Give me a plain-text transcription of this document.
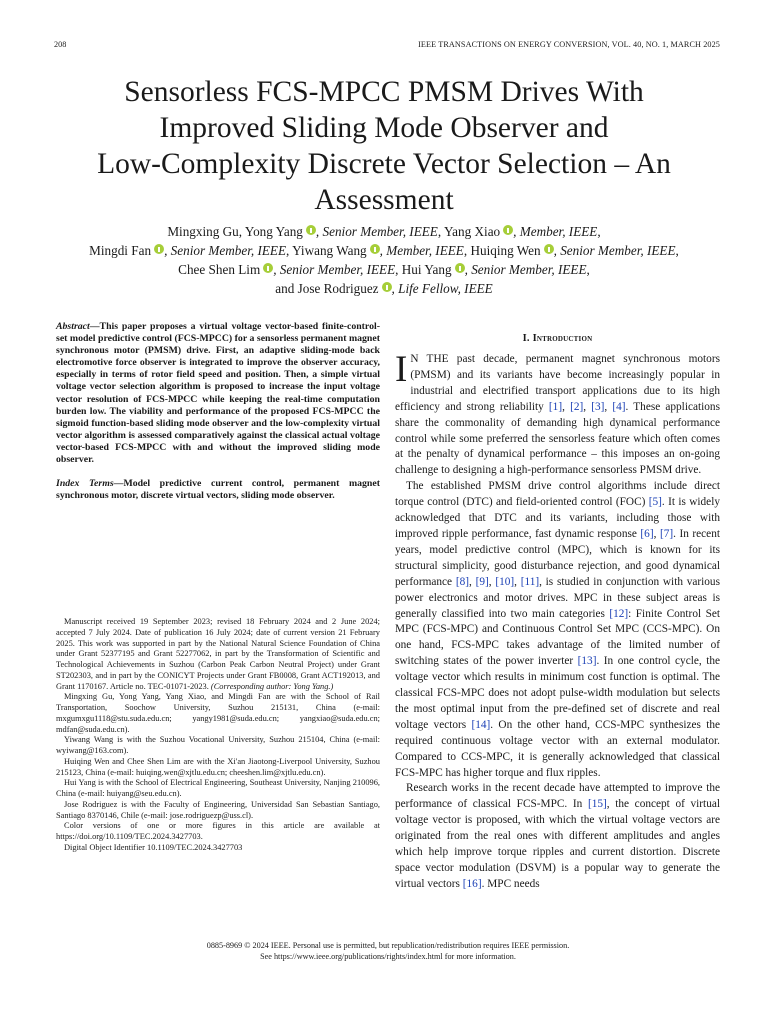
208	IEEE TRANSACTIONS ON ENERGY CONVERSION, VOL. 40, NO. 1, MARCH 2025
Sensorless FCS-MPCC PMSM Drives With
Improved Sliding Mode Observer and
Low-Complexity Discrete Vector Selection – An
Assessment
Mingxing Gu, Yong Yang , Senior Member, IEEE, Yang Xiao , Member, IEEE,
Mingdi Fan , Senior Member, IEEE, Yiwang Wang , Member, IEEE, Huiqing Wen , Senior Member, IEEE,
Chee Shen Lim , Senior Member, IEEE, Hui Yang , Senior Member, IEEE,
and Jose Rodriguez , Life Fellow, IEEE

Abstract—This paper proposes a virtual voltage vector-based finite-control-set model predictive control (FCS-MPCC) for a sensorless permanent magnet synchronous motor (PMSM) drive. First, an adaptive sliding-mode back electromotive force observer is integrated to improve the observer accuracy, especially in terms of rotor field speed and position. Then, a simple virtual voltage vector selection algorithm is proposed to increase the input voltage vector resolution of FCS-MPCC while keeping the real-time computation burden low. The viability and performance of the proposed FCS-MPCC the sigmoid function-based sliding mode observer and the low-complexity virtual vector algorithm is assessed comparatively against the classical actual voltage vector-based FCS-MPCC with and without the improved sliding mode observer.

Index Terms—Model predictive current control, permanent magnet synchronous motor, discrete virtual vectors, sliding mode observer.

Manuscript received 19 September 2023; revised 18 February 2024 and 2 June 2024; accepted 7 July 2024. Date of publication 16 July 2024; date of current version 21 February 2025. This work was supported in part by the National Natural Science Foundation of China under Grant 52377195 and Grant 52277062, in part by the Transformation of Scientific and Technological Achievements in Suzhou (Carbon Peak Carbon Neutral Project) under Grant ST202303, and in part by the CONICYT Projects under Grant FB0008, Grant ACT192013, and Grant 1170167. Article no. TEC-01071-2023. (Corresponding author: Yong Yang.)

Mingxing Gu, Yong Yang, Yang Xiao, and Mingdi Fan are with the School of Rail Transportation, Soochow University, Suzhou 215131, China (e-mail: mxgumxgu1118@stu.suda.edu.cn; yangy1981@suda.edu.cn; yangxiao@suda.edu.cn; mdfan@suda.edu.cn).

Yiwang Wang is with the Suzhou Vocational University, Suzhou 215104, China (e-mail: wyiwang@163.com).

Huiqing Wen and Chee Shen Lim are with the Xi'an Jiaotong-Liverpool University, Suzhou 215123, China (e-mail: huiqing.wen@xjtlu.edu.cn; cheeshen.lim@xjtlu.edu.cn).

Hui Yang is with the School of Electrical Engineering, Southeast University, Nanjing 210096, China (e-mail: huiyang@seu.edu.cn).

Jose Rodriguez is with the Faculty of Engineering, Universidad San Sebastian Santiago, Santiago 8370146, Chile (e-mail: jose.rodriguezp@uss.cl).

Color versions of one or more figures in this article are available at https://doi.org/10.1109/TEC.2024.3427703.

Digital Object Identifier 10.1109/TEC.2024.3427703

I. Introduction

I N THE past decade, permanent magnet synchronous motors (PMSM) and its variants have become increasingly popular in industrial and electrified transport applications due to its high efficiency and strong reliability [1], [2], [3], [4]. These applications share the commonality of demanding high dynamical performance control while some preferred the sensorless feature which often comes at the penalty of dynamical performance – this imposes an on-going challenge to designing a high-performance sensorless PMSM drive.

The established PMSM drive control algorithms include direct torque control (DTC) and field-oriented control (FOC) [5]. It is widely acknowledged that DTC and its variants, including those with improved ripple performance, fast dynamic response [6], [7]. In recent years, model predictive control (MPC), which is known for its structural simplicity, good disturbance rejection, and good dynamical performance [8], [9], [10], [11], is studied in conjunction with various power electronics and motor drives. MPC in these subject areas is generally classified into two main categories [12]: Finite Control Set MPC (FCS-MPC) and Continuous Control Set MPC (CCS-MPC). On one hand, FCS-MPC takes advantage of the limited number of switching states of the power inverter [13]. In one control cycle, the voltage vector which results in minimum cost function is optimal. The classical FCS-MPC does not adopt pulse-width modulation but selects the most optimal input from the pre-defined set of discrete and real voltage vectors [14]. On the other hand, CCS-MPC synthesizes the required continuous voltage vector with an external modulator. Compared to CCS-MPC, it is generally acknowledged that classical FCS-MPC has higher torque and flux ripples.

Research works in the recent decade have attempted to improve the performance of classical FCS-MPC. In [15], the concept of virtual voltage vector is proposed, with which the virtual voltage vectors are originated from the real ones with different amplitudes and angles which help improve torque ripples and current distortion. Discrete space vector modulation (DSVM) is a popular way to generate the virtual vectors [16]. MPC needs

0885-8969 © 2024 IEEE. Personal use is permitted, but republication/redistribution requires IEEE permission.
See https://www.ieee.org/publications/rights/index.html for more information.
